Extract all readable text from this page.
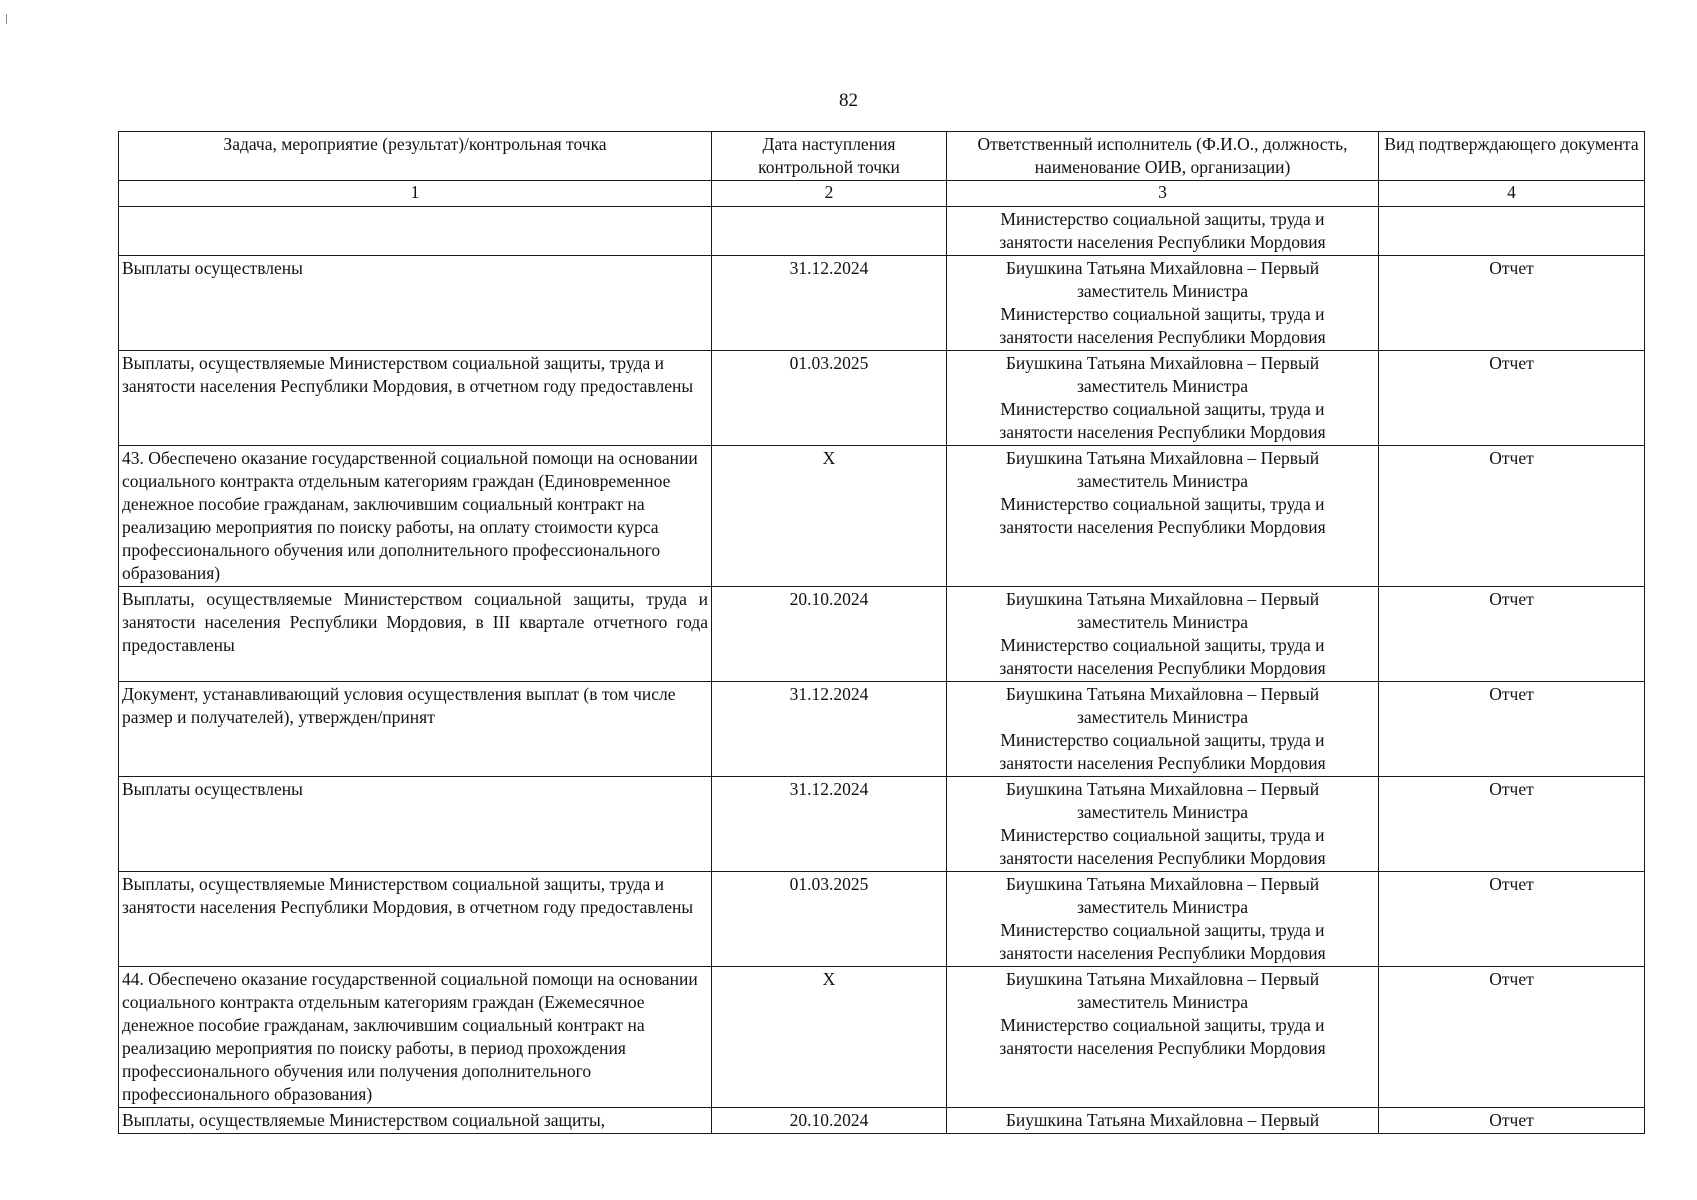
82
Задача, мероприятие (результат)/контрольная точка	Дата наступления контрольной точки	Ответственный исполнитель (Ф.И.О., должность, наименование ОИВ, организации)	Вид подтверждающего документа
1	2	3	4

		Министерство социальной защиты, труда и занятости населения Республики Мордовия	

Выплаты осуществлены	31.12.2024	Биушкина Татьяна Михайловна – Первый заместитель Министра
Министерство социальной защиты, труда и занятости населения Республики Мордовия	Отчет
Выплаты, осуществляемые Министерством социальной защиты, труда и занятости населения Республики Мордовия, в отчетном году предоставлены	01.03.2025	Биушкина Татьяна Михайловна – Первый заместитель Министра
Министерство социальной защиты, труда и занятости населения Республики Мордовия	Отчет
43. Обеспечено оказание государственной социальной помощи на основании социального контракта отдельным категориям граждан (Единовременное денежное пособие гражданам, заключившим социальный контракт на реализацию мероприятия по поиску работы, на оплату стоимости курса профессионального обучения или дополнительного профессионального образования)	X	Биушкина Татьяна Михайловна – Первый заместитель Министра
Министерство социальной защиты, труда и занятости населения Республики Мордовия	Отчет
Выплаты, осуществляемые Министерством социальной защиты, труда и занятости населения Республики Мордовия, в III квартале отчетного года предоставлены	20.10.2024	Биушкина Татьяна Михайловна – Первый заместитель Министра
Министерство социальной защиты, труда и занятости населения Республики Мордовия	Отчет
Документ, устанавливающий условия осуществления выплат (в том числе размер и получателей), утвержден/принят	31.12.2024	Биушкина Татьяна Михайловна – Первый заместитель Министра
Министерство социальной защиты, труда и занятости населения Республики Мордовия	Отчет
Выплаты осуществлены	31.12.2024	Биушкина Татьяна Михайловна – Первый заместитель Министра
Министерство социальной защиты, труда и занятости населения Республики Мордовия	Отчет
Выплаты, осуществляемые Министерством социальной защиты, труда и занятости населения Республики Мордовия, в отчетном году предоставлены	01.03.2025	Биушкина Татьяна Михайловна – Первый заместитель Министра
Министерство социальной защиты, труда и занятости населения Республики Мордовия	Отчет
44. Обеспечено оказание государственной социальной помощи на основании социального контракта отдельным категориям граждан (Ежемесячное денежное пособие гражданам, заключившим социальный контракт на реализацию мероприятия по поиску работы, в период прохождения профессионального обучения или получения дополнительного профессионального образования)	X	Биушкина Татьяна Михайловна – Первый заместитель Министра
Министерство социальной защиты, труда и занятости населения Республики Мордовия	Отчет
Выплаты, осуществляемые Министерством социальной защиты,	20.10.2024	Биушкина Татьяна Михайловна – Первый	Отчет
